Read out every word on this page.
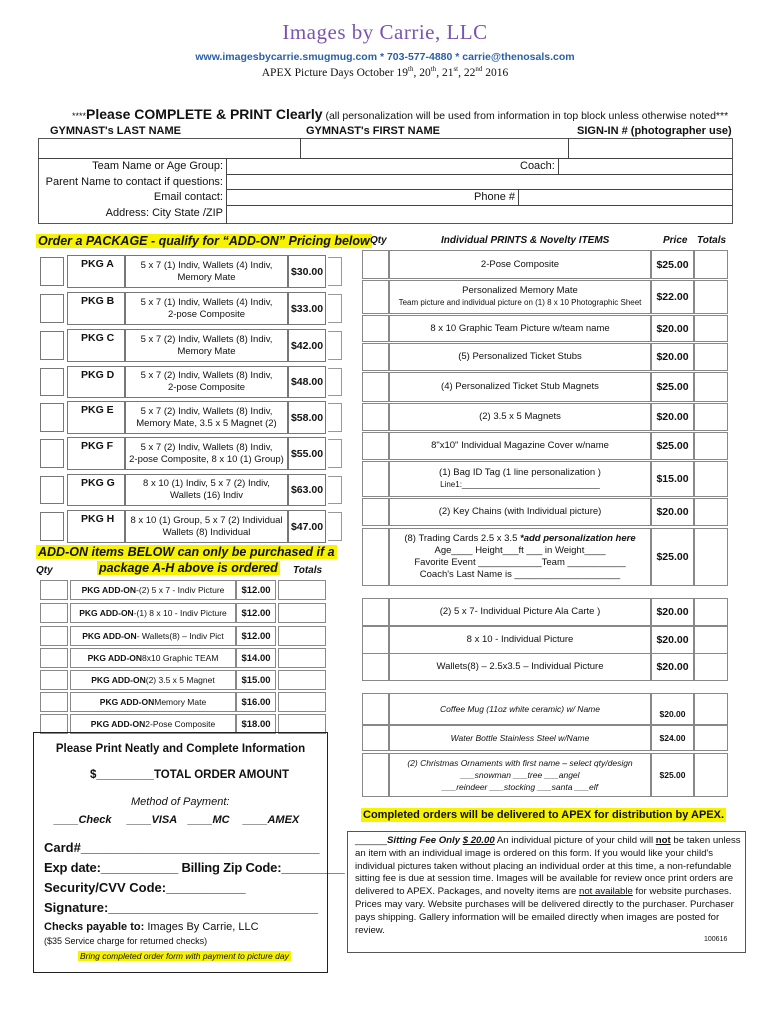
Images by Carrie, LLC
www.imagesbycarrie.smugmug.com * 703-577-4880 * carrie@thenosals.com
APEX Picture Days October 19th, 20th, 21st, 22nd 2016
****Please COMPLETE & PRINT Clearly (all personalization will be used from information in top block unless otherwise noted***
GYMNAST's LAST NAME	GYMNAST's FIRST NAME	SIGN-IN # (photographer use)
Team Name or Age Group:	Coach:
Parent Name to contact if questions:
Email contact:	Phone #
Address: City State /ZIP
Order a PACKAGE - qualify for “ADD-ON” Pricing below
PKG A	5 x 7 (1) Indiv, Wallets (4) Indiv,
Memory Mate	$30.00
PKG B	5 x 7 (1) Indiv, Wallets (4) Indiv,
2-pose Composite	$33.00
PKG C	5 x 7 (2) Indiv, Wallets (8) Indiv,
Memory Mate	$42.00
PKG D	5 x 7 (2) Indiv, Wallets (8) Indiv,
2-pose Composite	$48.00
PKG E	5 x 7 (2) Indiv, Wallets (8) Indiv,
Memory Mate, 3.5 x 5 Magnet (2) $58.00
PKG F	5 x 7 (2) Indiv, Wallets (8) Indiv,
2-pose Composite, 8 x 10 (1) Group) $55.00
PKG G	8 x 10 (1) Indiv, 5 x 7 (2) Indiv,
Wallets (16) Indiv	$63.00
PKG H 8 x 10 (1) Group, 5 x 7 (2) Individual
Wallets (8) Individual	$47.00
ADD-ON items BELOW can only be purchased if a
package A-H above is ordered
Qty	Totals
PKG ADD-ON -(2) 5 x 7 - Indiv Picture	$12.00
PKG ADD-ON -(1) 8 x 10 - Indiv Picture	$12.00
PKG ADD-ON - Wallets(8) – Indiv Pict	$12.00
PKG ADD-ON 8x10 Graphic TEAM	$14.00
PKG ADD-ON (2) 3.5 x 5 Magnet	$15.00
PKG ADD-ON Memory Mate	$16.00
PKG ADD-ON 2-Pose Composite	$18.00
Please Print Neatly and Complete Information
$_________TOTAL ORDER AMOUNT
Method of Payment:
____Check ____VISA ____MC ____AMEX
Card#_________________________________
Exp date:___________ Billing Zip Code:_________
Security/CVV Code:___________
Signature:_____________________________
Checks payable to: Images By Carrie, LLC
($35 Service charge for returned checks)
Bring completed order form with payment to picture day
Qty	Individual PRINTS & Novelty ITEMS	Price Totals
2-Pose Composite	$25.00
Personalized Memory Mate
Team picture and individual picture on (1) 8 x 10 Photographic Sheet	$22.00
8 x 10 Graphic Team Picture w/team name	$20.00
(5) Personalized Ticket Stubs	$20.00
(4) Personalized Ticket Stub Magnets	$25.00
(2) 3.5 x 5 Magnets	$20.00
8"x10" Individual Magazine Cover w/name	$25.00
(1) Bag ID Tag (1 line personalization )
Line1:_______________________________	$15.00
(2) Key Chains (with Individual picture)	$20.00
(8) Trading Cards 2.5 x 3.5 *add personalization here
Age____ Height___ft ___ in Weight____
Favorite Event ____________Team ___________
Coach's Last Name is ____________________
$25.00
(2) 5 x 7- Individual Picture Ala Carte )	$20.00
8 x 10 - Individual Picture	$20.00
Wallets(8) – 2.5x3.5 – Individual Picture	$20.00
Coffee Mug (11oz white ceramic) w/ Name	$20.00
Water Bottle Stainless Steel w/Name	$24.00
(2) Christmas Ornaments with first name – select qty/design
___snowman ___tree ___angel
___reindeer ___stocking ___santa ___elf
$25.00
Completed orders will be delivered to APEX for distribution by APEX.
______Sitting Fee Only $ 20.00 An individual picture of your child will not be taken unless an item with an individual image is ordered on this form. If you would like your child's individual pictures taken without placing an individual order at this time, a non-refundable sitting fee is due at session time. Images will be available for review once print orders are delivered to APEX. Packages, and novelty items are not available for website purchases. Prices may vary. Website purchases will be delivered directly to the purchaser. Purchaser pays shipping. Gallery information will be emailed directly when images are posted for review.
100616
